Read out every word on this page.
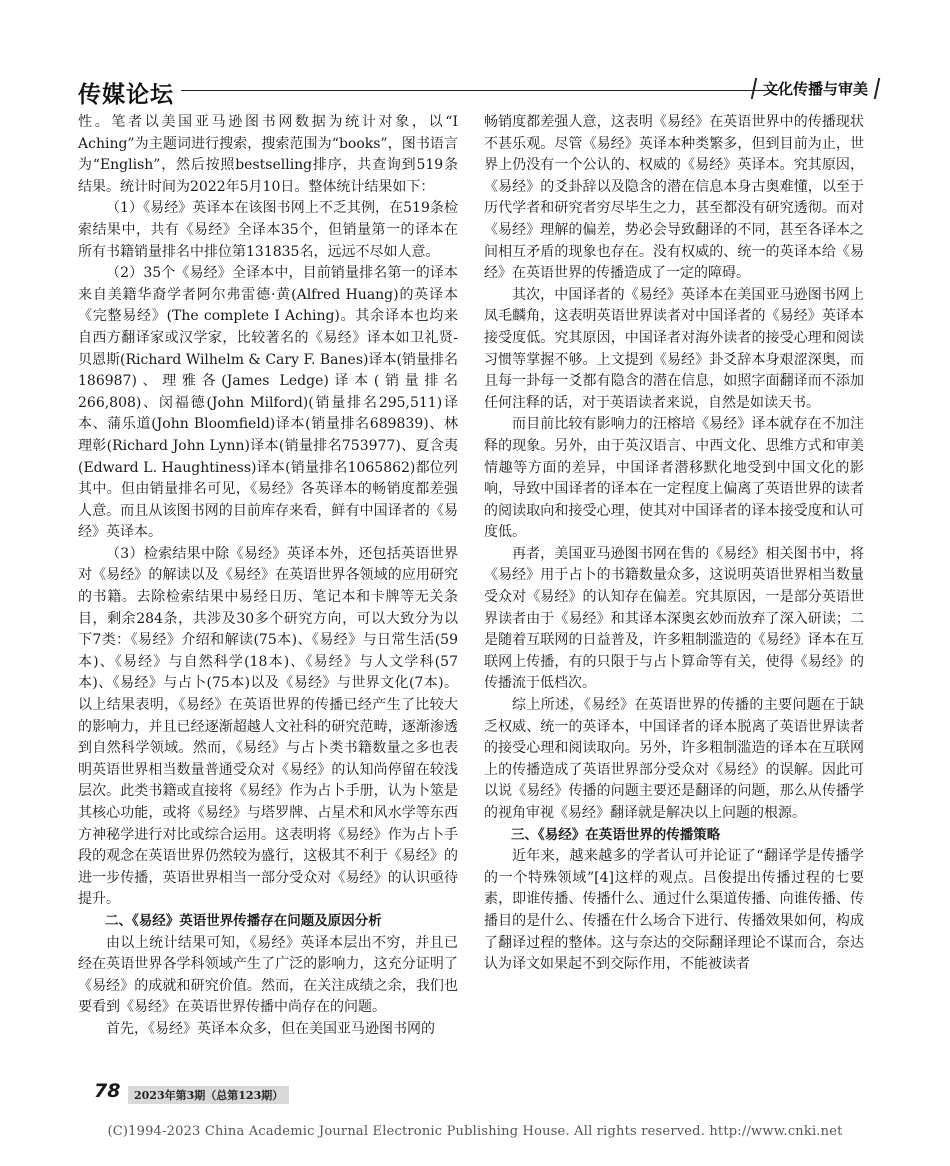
传媒论坛	文化传播与审美

性。笔者以美国亚马逊图书网数据为统计对象，以“I Aching”为主题词进行搜索，搜索范围为“books”，图书语言为“English”，然后按照bestselling排序，共查询到519条结果。统计时间为2022年5月10日。整体统计结果如下：

（1）《易经》英译本在该图书网上不乏其例，在519条检索结果中，共有《易经》全译本35个，但销量第一的译本在所有书籍销量排名中排位第131835名，远远不尽如人意。

（2）35个《易经》全译本中，目前销量排名第一的译本来自美籍华裔学者阿尔弗雷德·黄(Alfred Huang)的英译本《完整易经》(The complete I Aching)。其余译本也均来自西方翻译家或汉学家，比较著名的《易经》译本如卫礼贤-贝恩斯(Richard Wilhelm & Cary F. Banes)译本(销量排名186987)、理雅各(James Ledge)译本(销量排名266,808)、闵福德(John Milford)(销量排名295,511)译本、蒲乐道(John Bloomfield)译本(销量排名689839)、林理彰(Richard John Lynn)译本(销量排名753977)、夏含夷(Edward L. Haughtiness)译本(销量排名1065862)都位列其中。但由销量排名可见，《易经》各英译本的畅销度都差强人意。而且从该图书网的目前库存来看，鲜有中国译者的《易经》英译本。

（3）检索结果中除《易经》英译本外，还包括英语世界对《易经》的解读以及《易经》在英语世界各领域的应用研究的书籍。去除检索结果中易经日历、笔记本和卡牌等无关条目，剩余284条，共涉及30多个研究方向，可以大致分为以下7类：《易经》介绍和解读(75本)、《易经》与日常生活(59本)、《易经》与自然科学(18本)、《易经》与人文学科(57本)、《易经》与占卜(75本)以及《易经》与世界文化(7本)。以上结果表明，《易经》在英语世界的传播已经产生了比较大的影响力，并且已经逐渐超越人文社科的研究范畴，逐渐渗透到自然科学领域。然而，《易经》与占卜类书籍数量之多也表明英语世界相当数量普通受众对《易经》的认知尚停留在较浅层次。此类书籍或直接将《易经》作为占卜手册，认为卜筮是其核心功能，或将《易经》与塔罗牌、占星术和风水学等东西方神秘学进行对比或综合运用。这表明将《易经》作为占卜手段的观念在英语世界仍然较为盛行，这极其不利于《易经》的进一步传播，英语世界相当一部分受众对《易经》的认识亟待提升。

二、《易经》英语世界传播存在问题及原因分析

由以上统计结果可知，《易经》英译本层出不穷，并且已经在英语世界各学科领域产生了广泛的影响力，这充分证明了《易经》的成就和研究价值。然而，在关注成绩之余，我们也要看到《易经》在英语世界传播中尚存在的问题。

首先，《易经》英译本众多，但在美国亚马逊图书网的

畅销度都差强人意，这表明《易经》在英语世界中的传播现状不甚乐观。尽管《易经》英译本种类繁多，但到目前为止，世界上仍没有一个公认的、权威的《易经》英译本。究其原因，《易经》的爻卦辞以及隐含的潜在信息本身古奥难懂，以至于历代学者和研究者穷尽毕生之力，甚至都没有研究透彻。而对《易经》理解的偏差，势必会导致翻译的不同，甚至各译本之间相互矛盾的现象也存在。没有权威的、统一的英译本给《易经》在英语世界的传播造成了一定的障碍。

其次，中国译者的《易经》英译本在美国亚马逊图书网上凤毛麟角，这表明英语世界读者对中国译者的《易经》英译本接受度低。究其原因，中国译者对海外读者的接受心理和阅读习惯等掌握不够。上文提到《易经》卦爻辞本身艰涩深奥，而且每一卦每一爻都有隐含的潜在信息，如照字面翻译而不添加任何注释的话，对于英语读者来说，自然是如读天书。

而目前比较有影响力的汪榕培《易经》译本就存在不加注释的现象。另外，由于英汉语言、中西文化、思维方式和审美情趣等方面的差异，中国译者潜移默化地受到中国文化的影响，导致中国译者的译本在一定程度上偏离了英语世界的读者的阅读取向和接受心理，使其对中国译者的译本接受度和认可度低。

再者，美国亚马逊图书网在售的《易经》相关图书中，将《易经》用于占卜的书籍数量众多，这说明英语世界相当数量受众对《易经》的认知存在偏差。究其原因，一是部分英语世界读者由于《易经》和其译本深奥玄妙而放弃了深入研读；二是随着互联网的日益普及，许多粗制滥造的《易经》译本在互联网上传播，有的只限于与占卜算命等有关，使得《易经》的传播流于低档次。

综上所述，《易经》在英语世界的传播的主要问题在于缺乏权威、统一的英译本，中国译者的译本脱离了英语世界读者的接受心理和阅读取向。另外，许多粗制滥造的译本在互联网上的传播造成了英语世界部分受众对《易经》的误解。因此可以说《易经》传播的问题主要还是翻译的问题，那么从传播学的视角审视《易经》翻译就是解决以上问题的根源。

三、《易经》在英语世界的传播策略

近年来，越来越多的学者认可并论证了“翻译学是传播学的一个特殊领域”[4]这样的观点。吕俊提出传播过程的七要素，即谁传播、传播什么、通过什么渠道传播、向谁传播、传播目的是什么、传播在什么场合下进行、传播效果如何，构成了翻译过程的整体。这与奈达的交际翻译理论不谋而合，奈达认为译文如果起不到交际作用，不能被读者

78	2023年第3期（总第123期）
(C)1994-2023 China Academic Journal Electronic Publishing House. All rights reserved. http://www.cnki.net
